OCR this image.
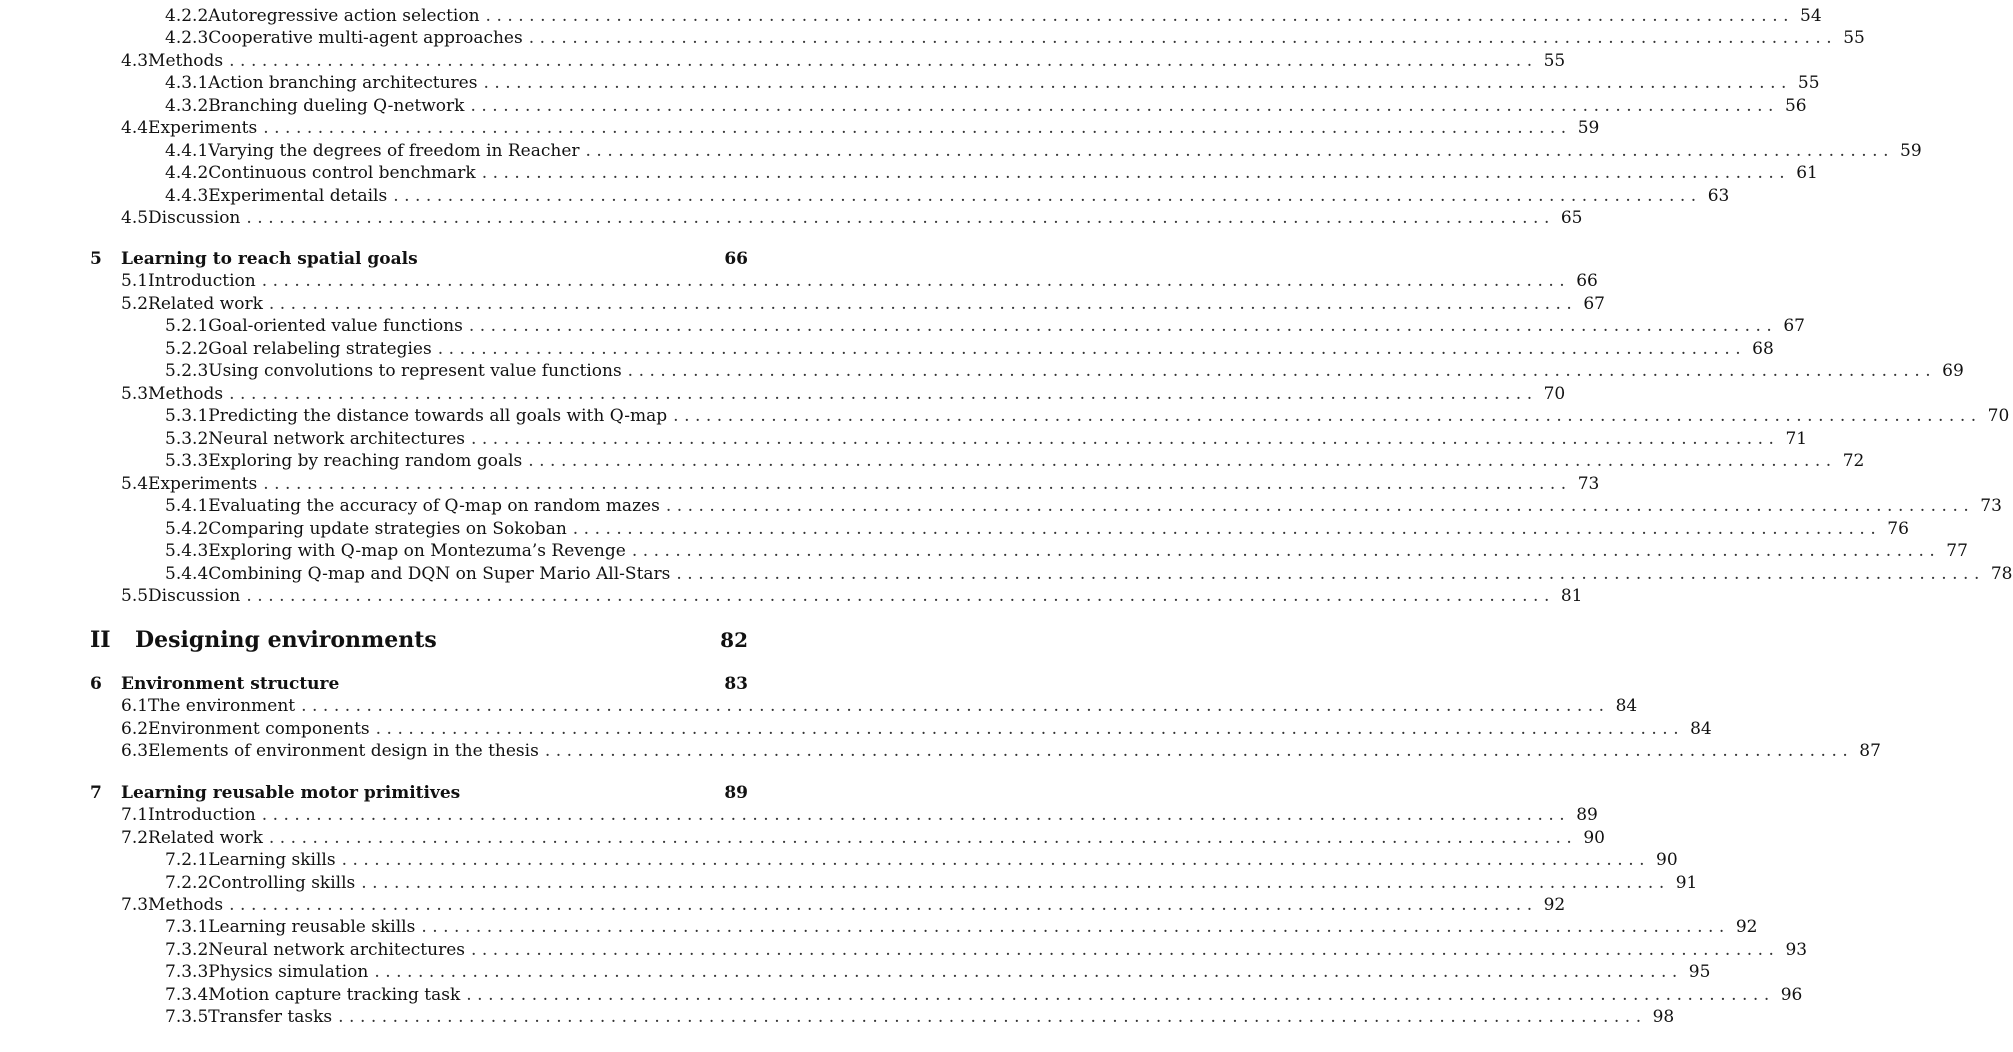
4.2.2 Autoregressive action selection ........................................................................................................................ 54
4.2.3 Cooperative multi-agent approaches ........................................................................................................................ 55
4.3 Methods ........................................................................................................................ 55
4.3.1 Action branching architectures ........................................................................................................................ 55
4.3.2 Branching dueling Q-network ........................................................................................................................ 56
4.4 Experiments ........................................................................................................................ 59
4.4.1 Varying the degrees of freedom in Reacher ........................................................................................................................ 59
4.4.2 Continuous control benchmark ........................................................................................................................ 61
4.4.3 Experimental details ........................................................................................................................ 63
4.5 Discussion ........................................................................................................................ 65
5	Learning to reach spatial goals	66
5.1 Introduction ........................................................................................................................ 66
5.2 Related work ........................................................................................................................ 67
5.2.1 Goal-oriented value functions ........................................................................................................................ 67
5.2.2 Goal relabeling strategies ........................................................................................................................ 68
5.2.3 Using convolutions to represent value functions ........................................................................................................................ 69
5.3 Methods ........................................................................................................................ 70
5.3.1 Predicting the distance towards all goals with Q-map ........................................................................................................................ 70
5.3.2 Neural network architectures ........................................................................................................................ 71
5.3.3 Exploring by reaching random goals ........................................................................................................................ 72
5.4 Experiments ........................................................................................................................ 73
5.4.1 Evaluating the accuracy of Q-map on random mazes ........................................................................................................................ 73
5.4.2 Comparing update strategies on Sokoban ........................................................................................................................ 76
5.4.3 Exploring with Q-map on Montezuma’s Revenge ........................................................................................................................ 77
5.4.4 Combining Q-map and DQN on Super Mario All-Stars ........................................................................................................................ 78
5.5 Discussion ........................................................................................................................ 81
II	Designing environments	82
6	Environment structure	83
6.1 The environment ........................................................................................................................ 84
6.2 Environment components ........................................................................................................................ 84
6.3 Elements of environment design in the thesis ........................................................................................................................ 87
7	Learning reusable motor primitives	89
7.1 Introduction ........................................................................................................................ 89
7.2 Related work ........................................................................................................................ 90
7.2.1 Learning skills ........................................................................................................................ 90
7.2.2 Controlling skills ........................................................................................................................ 91
7.3 Methods ........................................................................................................................ 92
7.3.1 Learning reusable skills ........................................................................................................................ 92
7.3.2 Neural network architectures ........................................................................................................................ 93
7.3.3 Physics simulation ........................................................................................................................ 95
7.3.4 Motion capture tracking task ........................................................................................................................ 96
7.3.5 Transfer tasks ........................................................................................................................ 98
